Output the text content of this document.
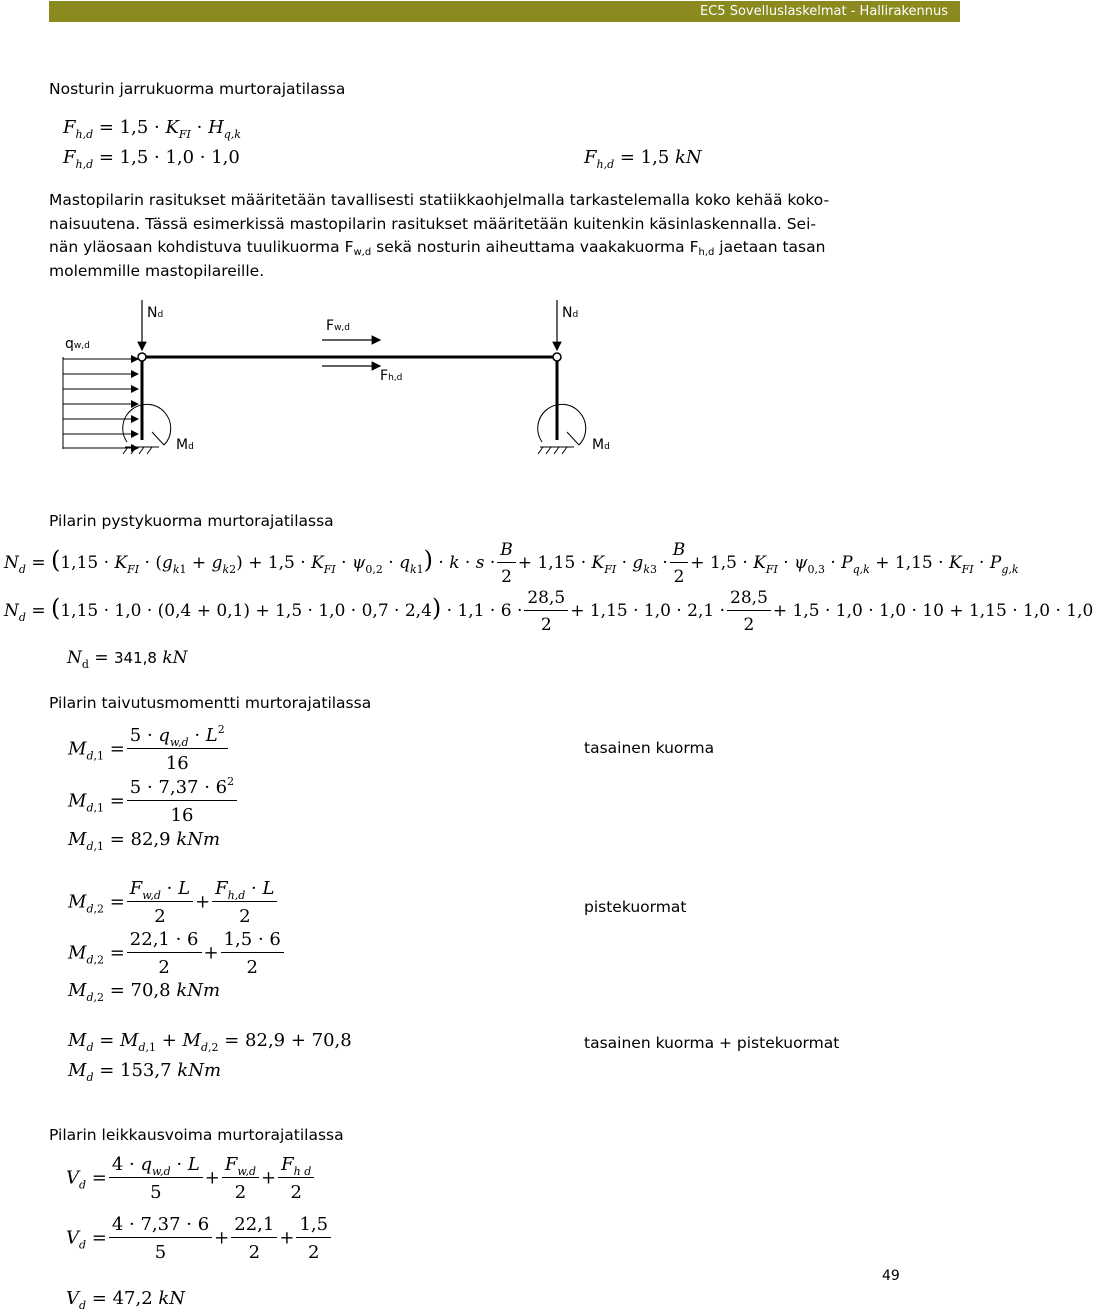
EC5 Sovelluslaskelmat - Hallirakennus
Nosturin jarrukuorma murtorajatilassa
$F_{h,d} = 1,5 \cdot K_{FI} \cdot H_{q,k}$
$F_{h,d} = 1,5 \cdot 1,0 \cdot 1,0$	$F_{h,d} = 1,5$ kN
Mastopilarin rasitukset määritetään tavallisesti statiikkaohjelmalla tarkastelemalla koko kehää koko-
naisuutena. Tässä esimerkissä mastopilarin rasitukset määritetään kuitenkin käsinlaskennalla. Sei-
nän yläosaan kohdistuva tuulikuorma $F_{w,d}$ sekä nosturin aiheuttama vaakakuorma $F_{h,d}$ jaetaan tasan
molemmille mastopilareille.
qw,d
Nd	Nd
Fw,d
Fh,d
Md	Md
Pilarin pystykuorma murtorajatilassa
$N_d = (1,15 \cdot K_{FI} \cdot (g_{k1} + g_{k2}) + 1,5 \cdot K_{FI} \cdot \psi_{0,2} \cdot q_{k1}) \cdot k \cdot s \cdot \frac{B}{2} + 1,15 \cdot K_{FI} \cdot g_{k3} \cdot \frac{B}{2} + 1,5 \cdot K_{FI} \cdot \psi_{0,3} \cdot P_{q,k} + 1,15 \cdot K_{FI} \cdot P_{g,k}$
$N_d = (1,15 \cdot 1,0 \cdot (0,4 + 0,1) + 1,5 \cdot 1,0 \cdot 0,7 \cdot 2,4) \cdot 1,1 \cdot 6 \cdot \frac{28,5}{2} + 1,15 \cdot 1,0 \cdot 2,1 \cdot \frac{28,5}{2} + 1,5 \cdot 1,0 \cdot 1,0 \cdot 10 + 1,15 \cdot 1,0 \cdot 1,0$
$N_d = 341,8$ kN
Pilarin taivutusmomentti murtorajatilassa
$M_{d,1} = \frac{5 \cdot q_{w,d} \cdot L^2}{16}$
$M_{d,1} = \frac{5 \cdot 7,37 \cdot 6^2}{16}$
$M_{d,1} = 82,9$ kNm
tasainen kuorma
$M_{d,2} = \frac{F_{w,d} \cdot L}{2} + \frac{F_{h,d} \cdot L}{2}$
$M_{d,2} = \frac{22,1 \cdot 6}{2} + \frac{1,5 \cdot 6}{2}$
$M_{d,2} = 70,8$ kNm
pistekuormat
$M_d = M_{d,1} + M_{d,2} = 82,9 + 70,8$
$M_d = 153,7$ kNm
tasainen kuorma + pistekuormat
Pilarin leikkausvoima murtorajatilassa
$V_d = \frac{4 \cdot q_{w,d} \cdot L}{5} + \frac{F_{w,d}}{2} + \frac{F_{h d}}{2}$
$V_d = \frac{4 \cdot 7,37 \cdot 6}{5} + \frac{22,1}{2} + \frac{1,5}{2}$
$V_d = 47,2$ kN
49
